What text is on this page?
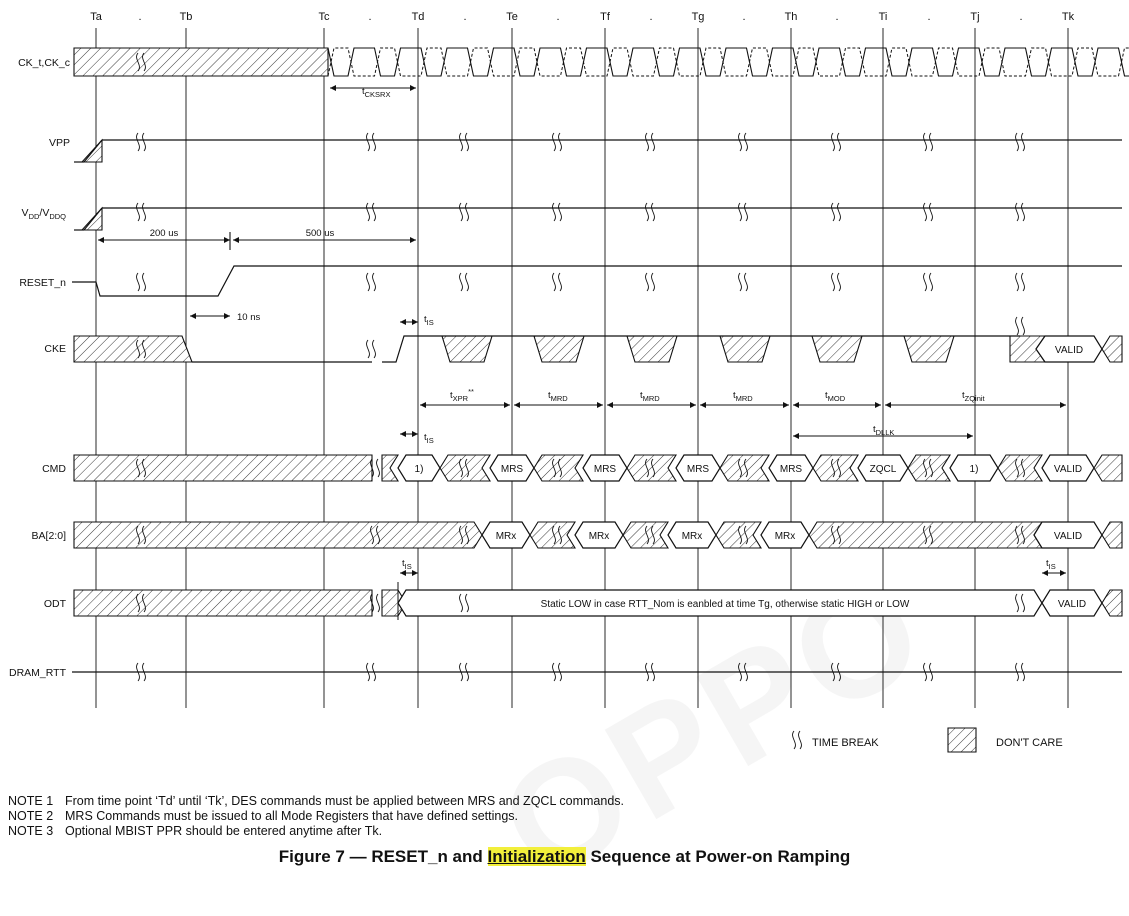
Ta	Tb	Tc	Td	Te	Tf	Tg	Th	Ti	Tj	Tk
.	.	.	.	.	.	.	.	.
CK_t,CK_c
VPP
$V_{DD}/V_{DDQ}$
RESET_n
CKE
CMD
BA[2:0]
ODT
DRAM_RTT
$t_{CKSRX}$
200 us	500 us
10 ns
VALID
$t_{IS}$
$t_{XPR}^{**}$	$t_{MRD}$	$t_{MRD}$	$t_{MRD}$	$t_{MOD}$	$t_{ZQinit}$
$t_{DLLK}$
$t_{IS}$
1)	MRS	MRS	MRS	MRS	ZQCL	1)	VALID
MRx	MRx	MRx	MRx	VALID
Static LOW in case RTT_Nom is eanbled at time Tg, otherwise static HIGH or LOW	VALID
$t_{IS}$	$t_{IS}$
TIME BREAK	DON'T CARE
NOTE 1 From time point ‘Td’ until ‘Tk’, DES commands must be applied between MRS and ZQCL commands.
NOTE 2 MRS Commands must be issued to all Mode Registers that have defined settings.
NOTE 3 Optional MBIST PPR should be entered anytime after Tk.
Figure 7 — RESET_n and Initialization Sequence at Power-on Ramping
